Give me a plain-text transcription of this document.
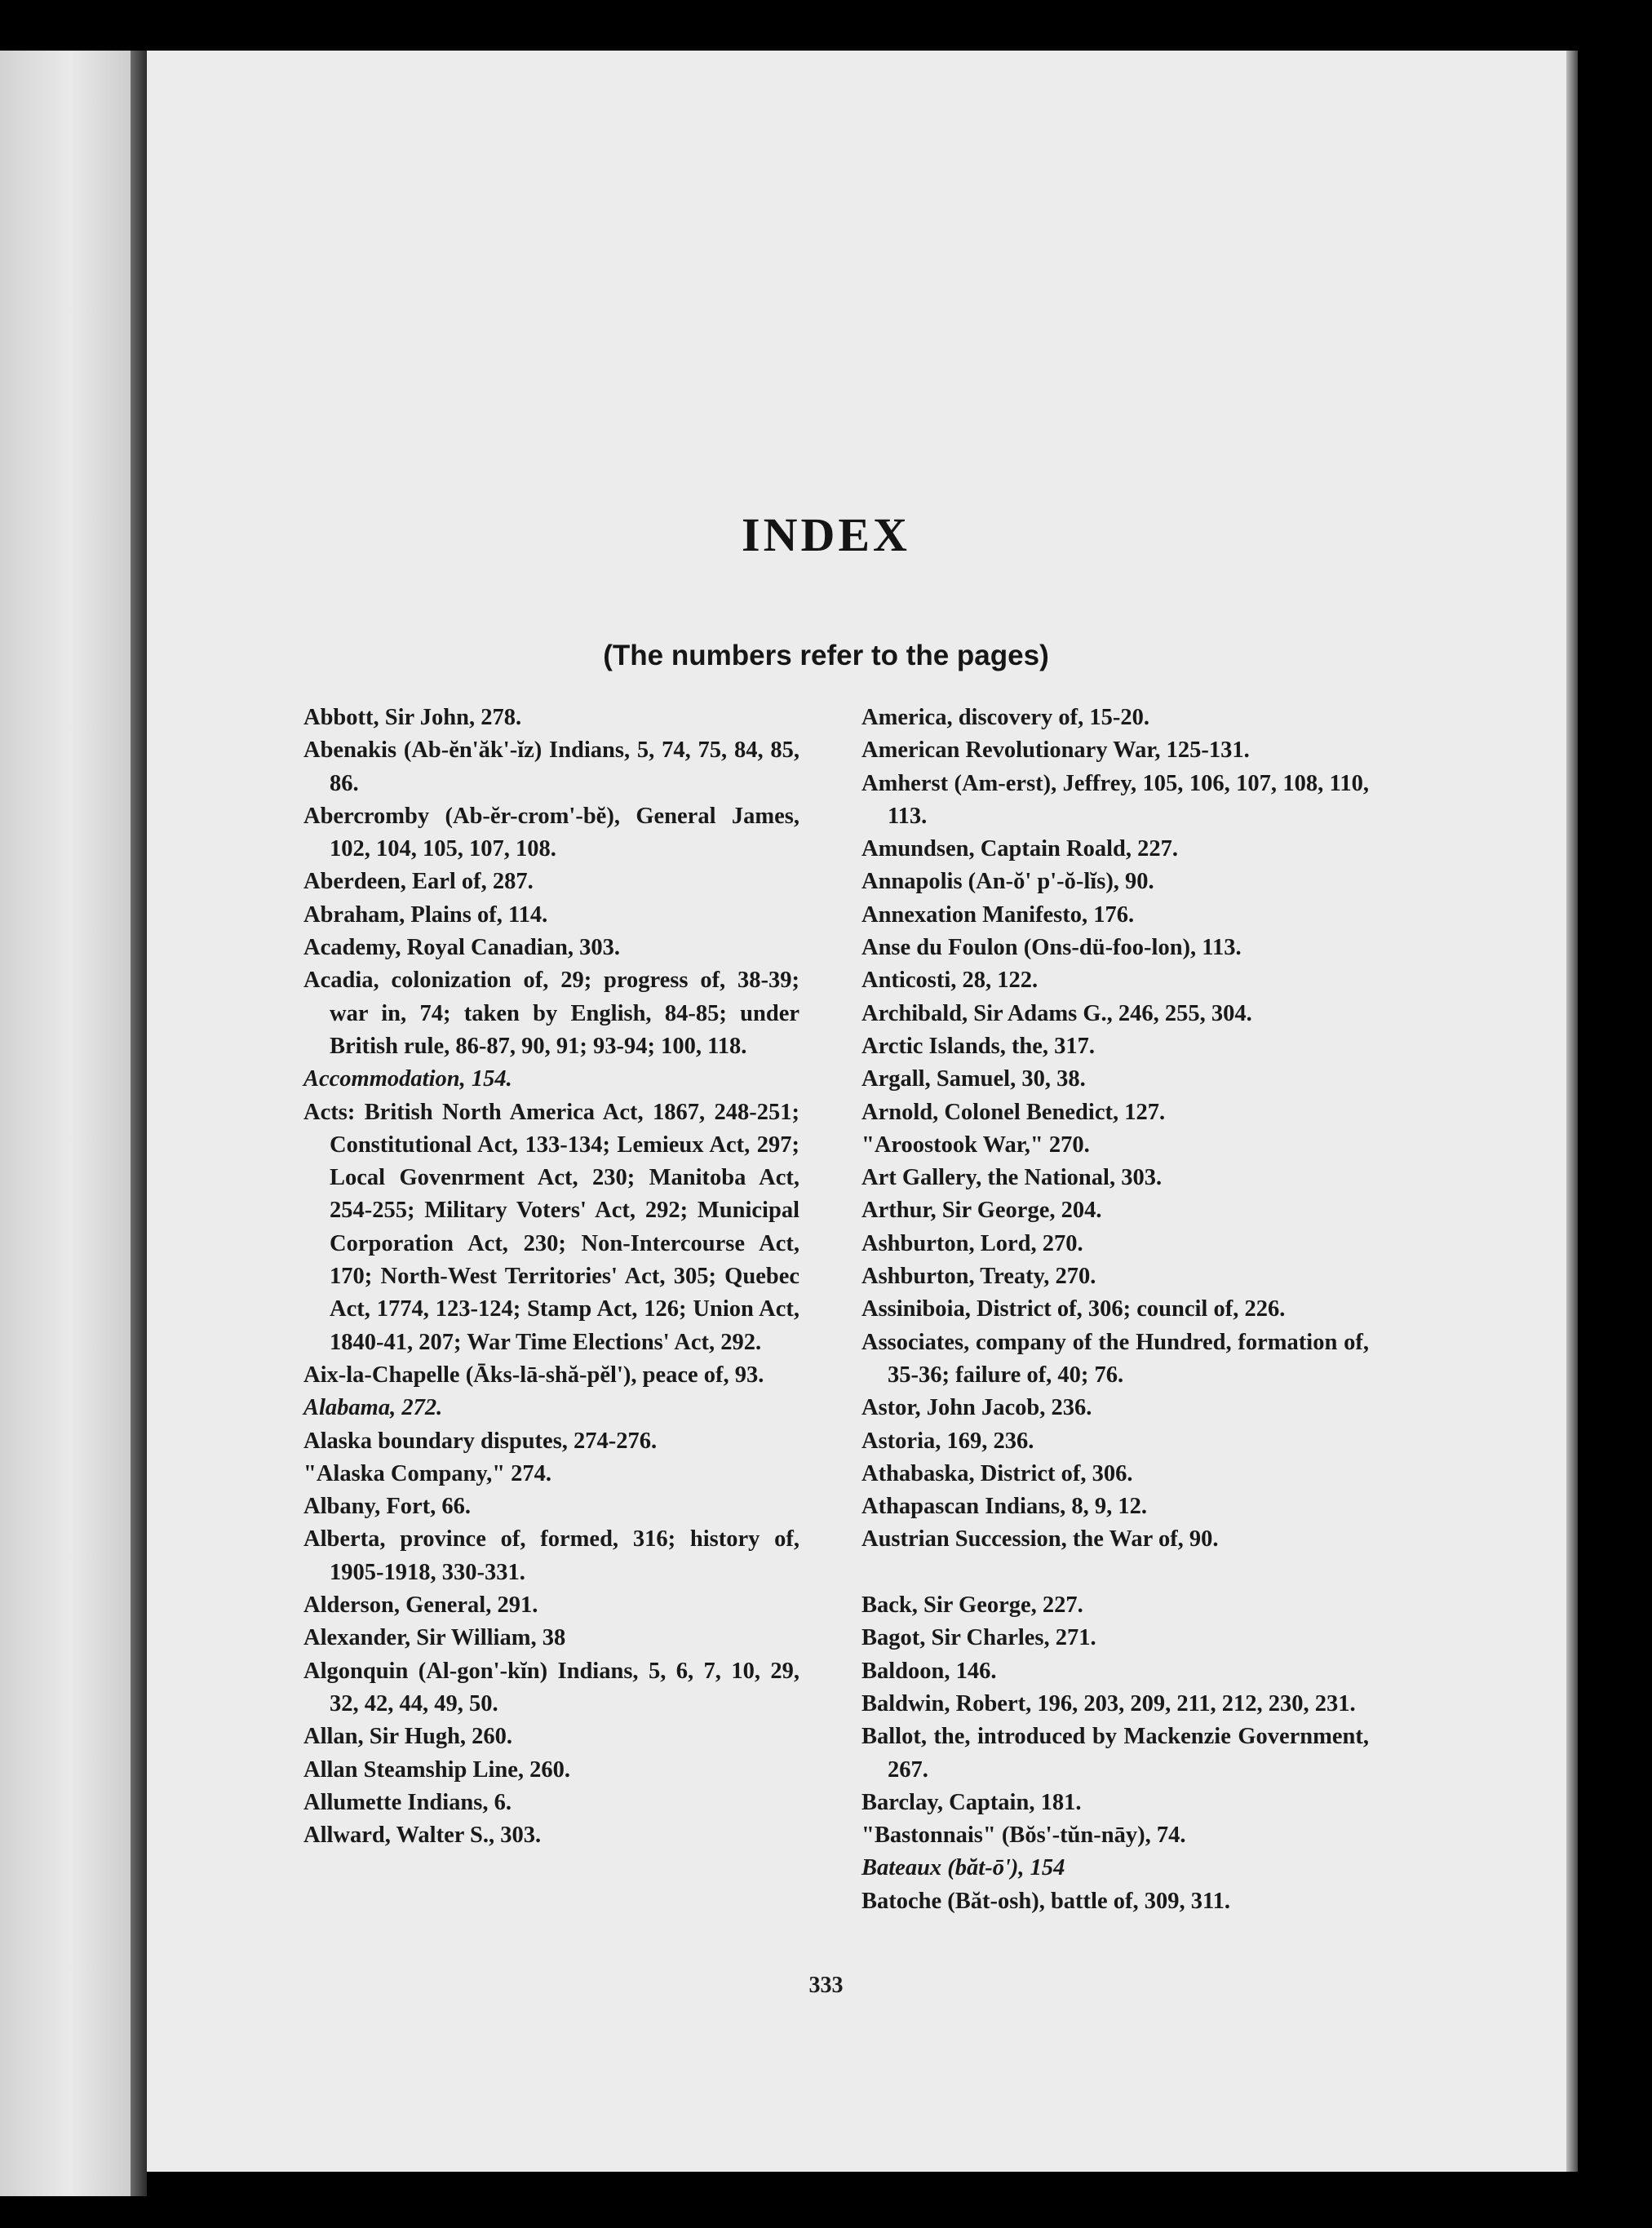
INDEX
(The numbers refer to the pages)
Abbott, Sir John, 278.
Abenakis (Ab-ĕn'ăk'-ĭz) Indians, 5, 74, 75, 84, 85, 86.
Abercromby (Ab-ĕr-crom'-bĕ), General James, 102, 104, 105, 107, 108.
Aberdeen, Earl of, 287.
Abraham, Plains of, 114.
Academy, Royal Canadian, 303.
Acadia, colonization of, 29; progress of, 38-39; war in, 74; taken by English, 84-85; under British rule, 86-87, 90, 91; 93-94; 100, 118.
Accommodation, 154.
Acts: British North America Act, 1867, 248-251; Constitutional Act, 133-134; Lemieux Act, 297; Local Govenrment Act, 230; Manitoba Act, 254-255; Military Voters' Act, 292; Municipal Corporation Act, 230; Non-Intercourse Act, 170; North-West Territories' Act, 305; Quebec Act, 1774, 123-124; Stamp Act, 126; Union Act, 1840-41, 207; War Time Elections' Act, 292.
Aix-la-Chapelle (Āks-lā-shă-pĕl'), peace of, 93.
Alabama, 272.
Alaska boundary disputes, 274-276.
"Alaska Company," 274.
Albany, Fort, 66.
Alberta, province of, formed, 316; history of, 1905-1918, 330-331.
Alderson, General, 291.
Alexander, Sir William, 38
Algonquin (Al-gon'-kĭn) Indians, 5, 6, 7, 10, 29, 32, 42, 44, 49, 50.
Allan, Sir Hugh, 260.
Allan Steamship Line, 260.
Allumette Indians, 6.
Allward, Walter S., 303.
America, discovery of, 15-20.
American Revolutionary War, 125-131.
Amherst (Am-erst), Jeffrey, 105, 106, 107, 108, 110, 113.
Amundsen, Captain Roald, 227.
Annapolis (An-ŏ' p'-ŏ-lĭs), 90.
Annexation Manifesto, 176.
Anse du Foulon (Ons-dü-foo-lon), 113.
Anticosti, 28, 122.
Archibald, Sir Adams G., 246, 255, 304.
Arctic Islands, the, 317.
Argall, Samuel, 30, 38.
Arnold, Colonel Benedict, 127.
"Aroostook War," 270.
Art Gallery, the National, 303.
Arthur, Sir George, 204.
Ashburton, Lord, 270.
Ashburton, Treaty, 270.
Assiniboia, District of, 306; council of, 226.
Associates, company of the Hundred, formation of, 35-36; failure of, 40; 76.
Astor, John Jacob, 236.
Astoria, 169, 236.
Athabaska, District of, 306.
Athapascan Indians, 8, 9, 12.
Austrian Succession, the War of, 90.
Back, Sir George, 227.
Bagot, Sir Charles, 271.
Baldoon, 146.
Baldwin, Robert, 196, 203, 209, 211, 212, 230, 231.
Ballot, the, introduced by Mackenzie Government, 267.
Barclay, Captain, 181.
"Bastonnais" (Bŏs'-tŭn-nāy), 74.
Bateaux (băt-ō'), 154
Batoche (Băt-osh), battle of, 309, 311.
333
